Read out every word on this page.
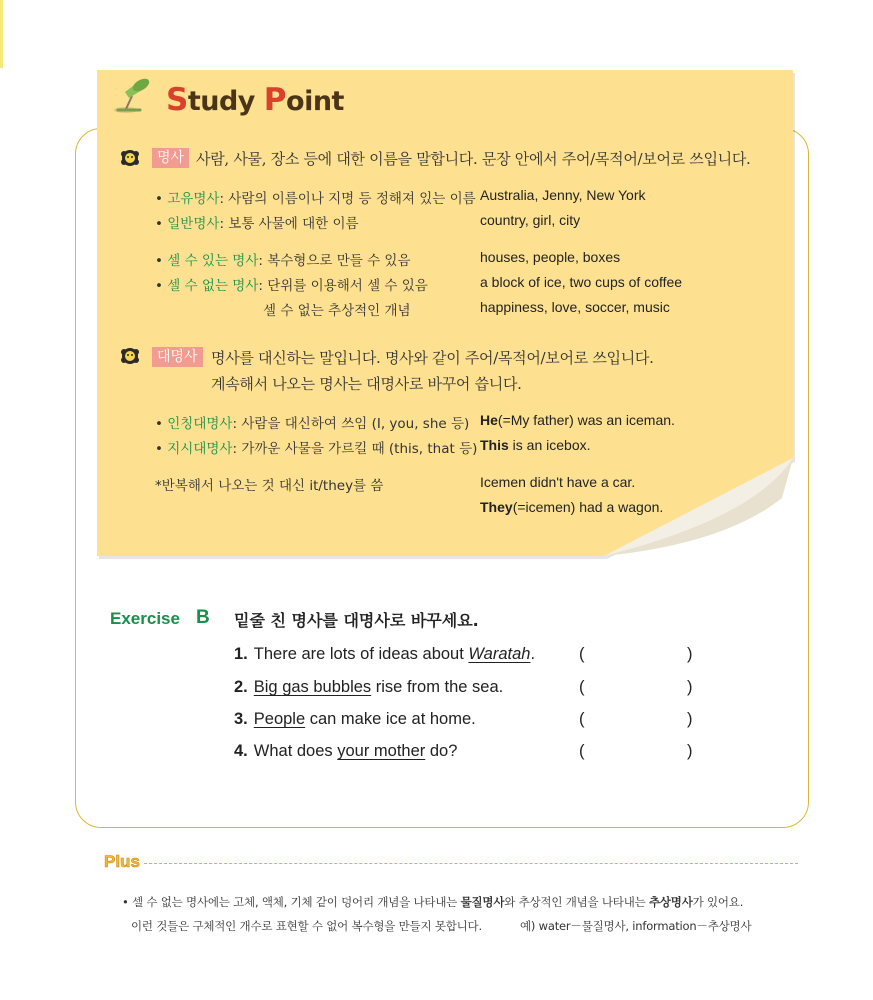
Study Point
명사 사람, 사물, 장소 등에 대한 이름을 말합니다. 문장 안에서 주어/목적어/보어로 쓰입니다.
• 고유명사: 사람의 이름이나 지명 등 정해져 있는 이름 Australia, Jenny, New York
• 일반명사: 보통 사물에 대한 이름	country, girl, city
• 셀 수 있는 명사: 복수형으로 만들 수 있음	houses, people, boxes
• 셀 수 없는 명사: 단위를 이용해서 셀 수 있음	a block of ice, two cups of coffee
셀 수 없는 추상적인 개념	happiness, love, soccer, music
대명사 명사를 대신하는 말입니다. 명사와 같이 주어/목적어/보어로 쓰입니다.
계속해서 나오는 명사는 대명사로 바꾸어 씁니다.
• 인칭대명사: 사람을 대신하여 쓰임 (I, you, she 등) He(=My father) was an iceman.
• 지시대명사: 가까운 사물을 가르킬 때 (this, that 등) This is an icebox.
*반복해서 나오는 것 대신 it/they를 씀	Icemen didn't have a car.
They(=icemen) had a wagon.
Exercise B 밑줄 친 명사를 대명사로 바꾸세요.
1. There are lots of ideas about Waratah.	(	)
2. Big gas bubbles rise from the sea.	(	)
3. People can make ice at home.	(	)
4. What does your mother do?	(	)
Plus
• 셀 수 없는 명사에는 고체, 액체, 기체 같이 덩어리 개념을 나타내는 물질명사와 추상적인 개념을 나타내는 추상명사가 있어요.
이런 것들은 구체적인 개수로 표현할 수 없어 복수형을 만들지 못합니다.	예) water－물질명사, information－추상명사
